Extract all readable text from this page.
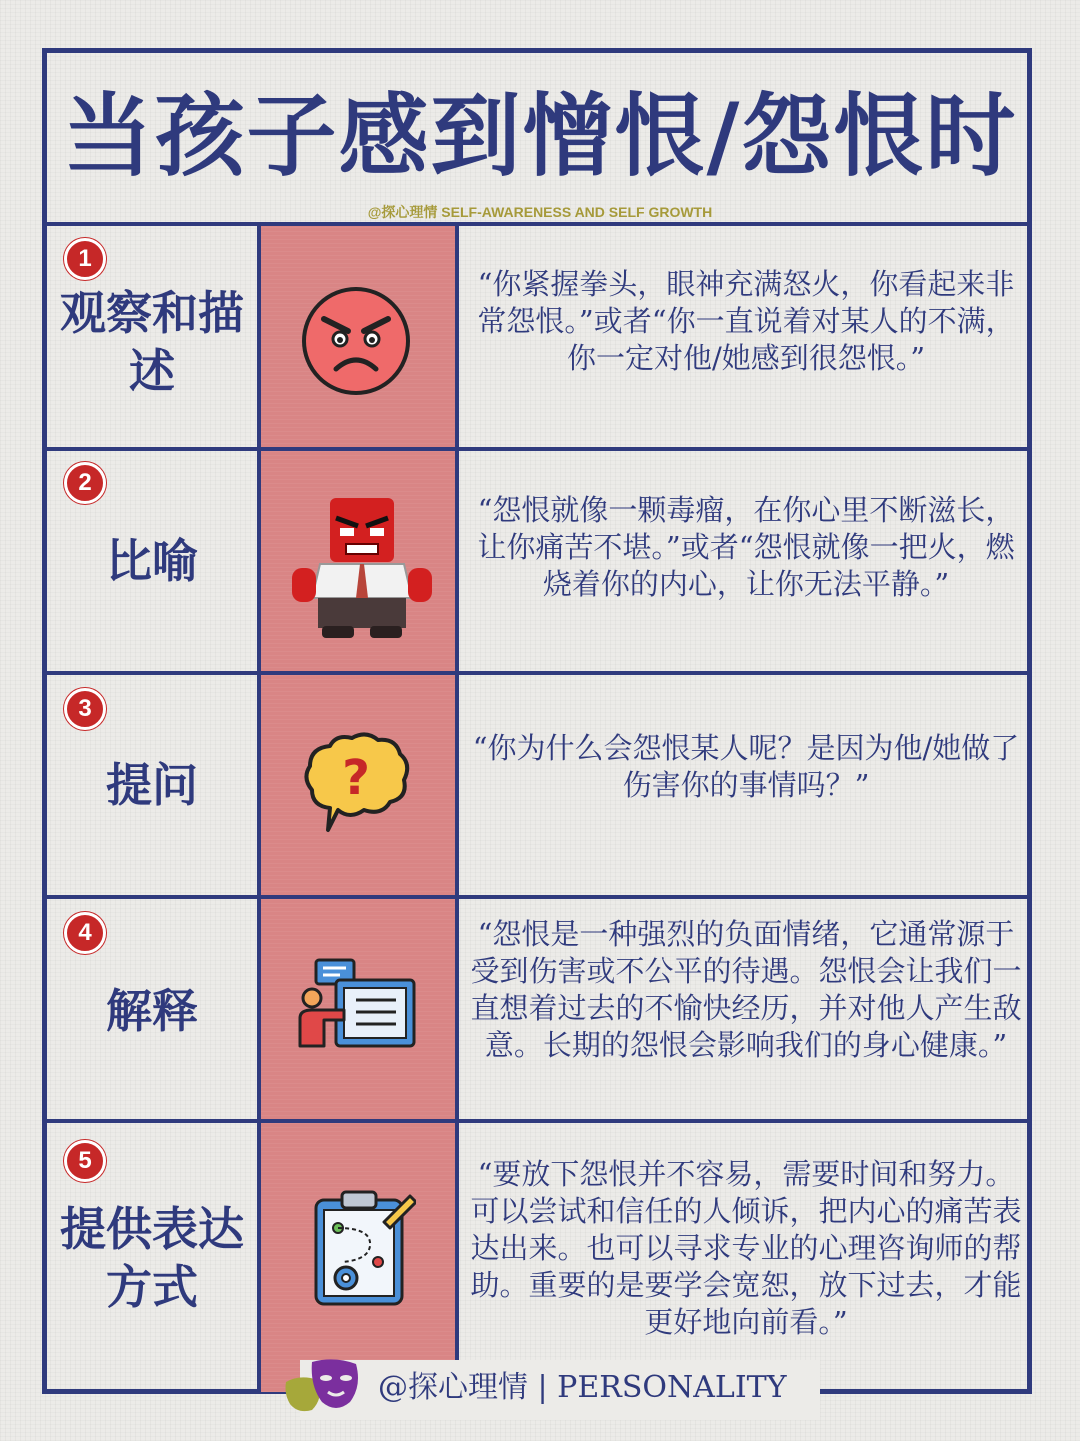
当孩子感到憎恨/怨恨时
@探心理情 SELF-AWARENESS AND SELF GROWTH
1
观察和描述
“你紧握拳头，眼神充满怒火，你看起来非常怨恨。”或者“你一直说着对某人的不满，你一定对他/她感到很怨恨。”
2
比喻
“怨恨就像一颗毒瘤，在你心里不断滋长，让你痛苦不堪。”或者“怨恨就像一把火，燃烧着你的内心，让你无法平静。”
3
提问	?
“你为什么会怨恨某人呢？是因为他/她做了伤害你的事情吗？”
4
解释
“怨恨是一种强烈的负面情绪，它通常源于受到伤害或不公平的待遇。怨恨会让我们一直想着过去的不愉快经历，并对他人产生敌意。长期的怨恨会影响我们的身心健康。”
5
提供表达方式
“要放下怨恨并不容易，需要时间和努力。可以尝试和信任的人倾诉，把内心的痛苦表达出来。也可以寻求专业的心理咨询师的帮助。重要的是要学会宽恕，放下过去，才能更好地向前看。”
@探心理情 | PERSONALITY
